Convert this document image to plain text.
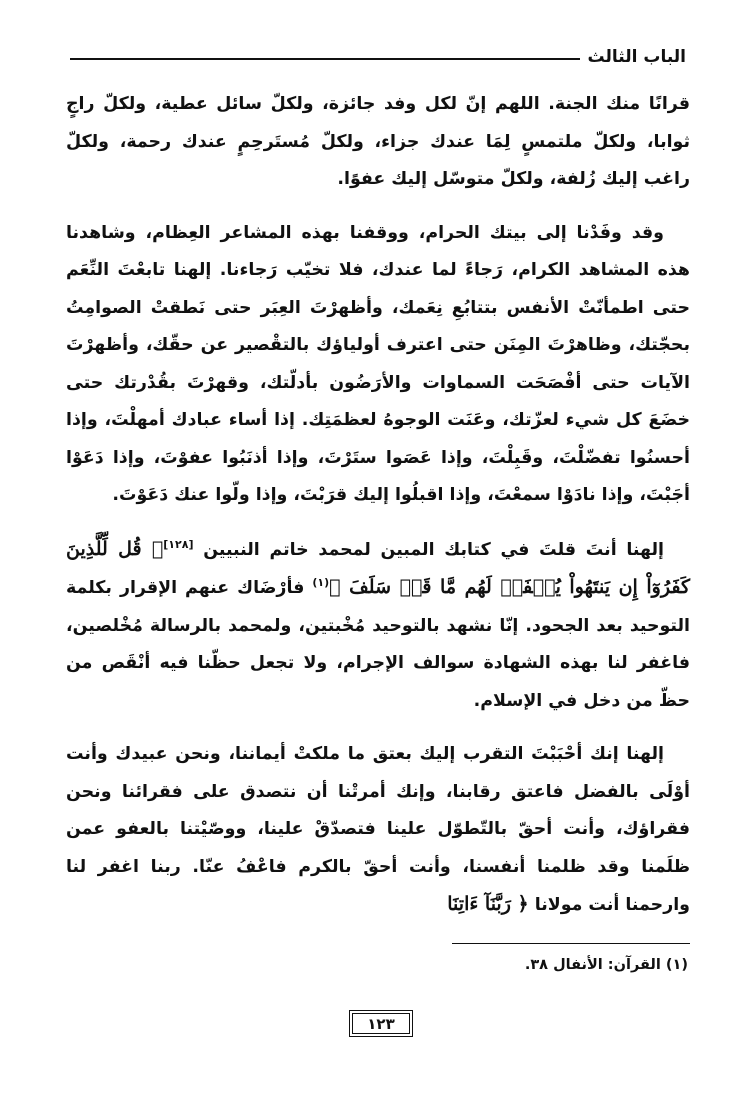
الباب الثالث

قرانًا منك الجنة. اللهم إنّ لكل وفد جائزة، ولكلّ سائل عطية، ولكلّ راجٍ ثوابا، ولكلّ ملتمسٍ لِمَا عندك جزاء، ولكلّ مُستَرحِمٍ عندك رحمة، ولكلّ راغب إليك زُلفة، ولكلّ متوسّل إليك عفوًا.

وقد وفَدْنا إلى بيتك الحرام، ووقفنا بهذه المشاعر العِظام، وشاهدنا هذه المشاهد الكرام، رَجاءً لما عندك، فلا تخيّب رَجاءنا. إلهنا تابعْتَ النِّعَم حتى اطمأنّتْ الأنفس بتتابُعِ نِعَمك، وأظهرْتَ العِبَر حتى نَطقتْ الصوامِتُ بحجّتك، وظاهرْتَ المِنَن حتى اعترف أولياؤك بالتقْصير عن حقّك، وأظهرْتَ الآيات حتى أفْصَحَت السماوات والأرَضُون بأدلّتك، وقهرْتَ بقُدْرتك حتى خضَعَ كل شيء لعزّتك، وعَنَت الوجوهُ لعظمَتِك. إذا أساء عبادك أمهلْتَ، وإذا أحسنُوا تفضّلْتَ، وقَبِلْتَ، وإذا عَصَوا ستَرْتَ، وإذا أذنَبُوا عفوْتَ، وإذا دَعَوْا أجَبْتَ، وإذا نادَوْا سمعْتَ، وإذا اقبلُوا إليك قرَبْتَ، وإذا ولّوا عنك دَعَوْتَ.

إلهنا أنتَ قلتَ في كتابك المبين لمحمد خاتم النبيين [١٢٨]﴿ قُل لِّلَّذِينَ كَفَرُوٓاْ إِن يَنتَهُواْ يُغۡفَرۡ لَهُم مَّا قَدۡ سَلَفَ ﴾$^{(١)}$ فأرْضَاك عنهم الإقرار بكلمة التوحيد بعد الجحود. إنّا نشهد بالتوحيد مُخْبتين، ولمحمد بالرسالة مُخْلصين، فاغفر لنا بهذه الشهادة سوالف الإجرام، ولا تجعل حظّنا فيه أنْقَص من حظّ من دخل في الإسلام.

إلهنا إنك أحْبَبْتَ التقرب إليك بعتق ما ملكتْ أيماننا، ونحن عبيدك وأنت أوْلَى بالفضل فاعتق رقابنا، وإنك أمرتْنا أن نتصدق على فقرائنا ونحن فقراؤك، وأنت أحقّ بالتّطوّل علينا فتصدّقْ علينا، ووصّيْتنا بالعفو عمن ظلَمنا وقد ظلمنا أنفسنا، وأنت أحقّ بالكرم فاعْفُ عنّا. ربنا اغفر لنا وارحمنا أنت مولانا ﴿ رَبَّنَآ ءَاتِنَا

(١) القرآن: الأنفال ٣٨.
١٢٣
